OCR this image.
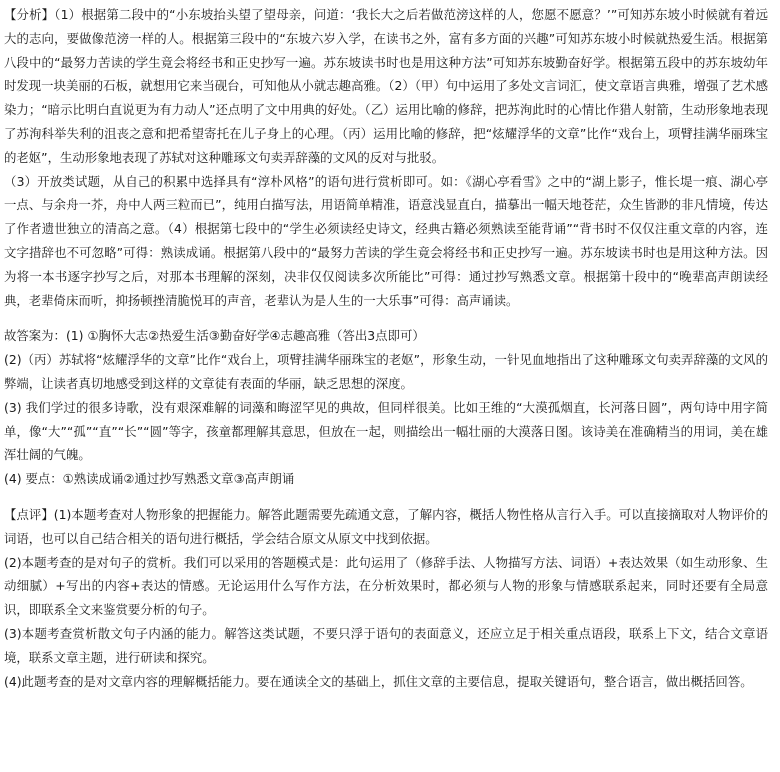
【分析】（1）根据第二段中的“小东坡抬头望了望母亲，问道：‘我长大之后若做范滂这样的人，您愿不愿意？’”可知苏东坡小时候就有着远大的志向，要做像范滂一样的人。根据第三段中的“东坡六岁入学，在读书之外，富有多方面的兴趣”可知苏东坡小时候就热爱生活。根据第八段中的“最努力苦读的学生竟会将经书和正史抄写一遍。苏东坡读书时也是用这种方法”可知苏东坡勤奋好学。根据第五段中的苏东坡幼年时发现一块美丽的石板，就想用它来当砚台，可知他从小就志趣高雅。（2）（甲）句中运用了多处文言词汇，使文章语言典雅，增强了艺术感染力；“暗示比明白直说更为有力动人”还点明了文中用典的好处。（乙）运用比喻的修辞，把苏洵此时的心情比作猎人射箭，生动形象地表现了苏洵科举失利的沮丧之意和把希望寄托在儿子身上的心理。（丙）运用比喻的修辞，把“炫耀浮华的文章”比作“戏台上，项臂挂满华丽珠宝的老妪”，生动形象地表现了苏轼对这种雕琢文句卖弄辞藻的文风的反对与批驳。

（3）开放类试题，从自己的积累中选择具有“淳朴风格”的语句进行赏析即可。如：《湖心亭看雪》之中的“湖上影子，惟长堤一痕、湖心亭一点、与余舟一芥，舟中人两三粒而已”，纯用白描写法，用语简单精准，语意浅显直白，描摹出一幅天地苍茫，众生皆渺的非凡情境，传达了作者遗世独立的清高之意。（4）根据第七段中的“学生必须读经史诗文，经典古籍必须熟读至能背诵”“背书时不仅仅注重文章的内容，连文字措辞也不可忽略”可得：熟读成诵。根据第八段中的“最努力苦读的学生竟会将经书和正史抄写一遍。苏东坡读书时也是用这种方法。因为将一本书逐字抄写之后，对那本书理解的深刻，决非仅仅阅读多次所能比”可得：通过抄写熟悉文章。根据第十段中的“晚辈高声朗读经典，老辈倚床而听，抑扬顿挫清脆悦耳的声音，老辈认为是人生的一大乐事”可得：高声诵读。

故答案为：(1) ①胸怀大志②热爱生活③勤奋好学④志趣高雅（答出3点即可）

(2)（丙）苏轼将“炫耀浮华的文章”比作“戏台上，项臂挂满华丽珠宝的老妪”，形象生动，一针见血地指出了这种雕琢文句卖弄辞藻的文风的弊端，让读者真切地感受到这样的文章徒有表面的华丽，缺乏思想的深度。

(3) 我们学过的很多诗歌，没有艰深难解的词藻和晦涩罕见的典故，但同样很美。比如王维的“大漠孤烟直，长河落日圆”，两句诗中用字简单，像“大”“孤”“直”“长”“圆”等字，孩童都理解其意思，但放在一起，则描绘出一幅壮丽的大漠落日图。该诗美在准确精当的用词，美在雄浑壮阔的气魄。

(4) 要点：①熟读成诵②通过抄写熟悉文章③高声朗诵

【点评】(1)本题考查对人物形象的把握能力。解答此题需要先疏通文意，了解内容，概括人物性格从言行入手。可以直接摘取对人物评价的词语，也可以自己结合相关的语句进行概括，学会结合原文从原文中找到依据。

(2)本题考查的是对句子的赏析。我们可以采用的答题模式是：此句运用了（修辞手法、人物描写方法、词语）+表达效果（如生动形象、生动细腻）+写出的内容+表达的情感。无论运用什么写作方法，在分析效果时，都必须与人物的形象与情感联系起来，同时还要有全局意识，即联系全文来鉴赏要分析的句子。

(3)本题考查赏析散文句子内涵的能力。解答这类试题，不要只浮于语句的表面意义，还应立足于相关重点语段，联系上下文，结合文章语境，联系文章主题，进行研读和探究。

(4)此题考查的是对文章内容的理解概括能力。要在通读全文的基础上，抓住文章的主要信息，提取关键语句，整合语言，做出概括回答。
